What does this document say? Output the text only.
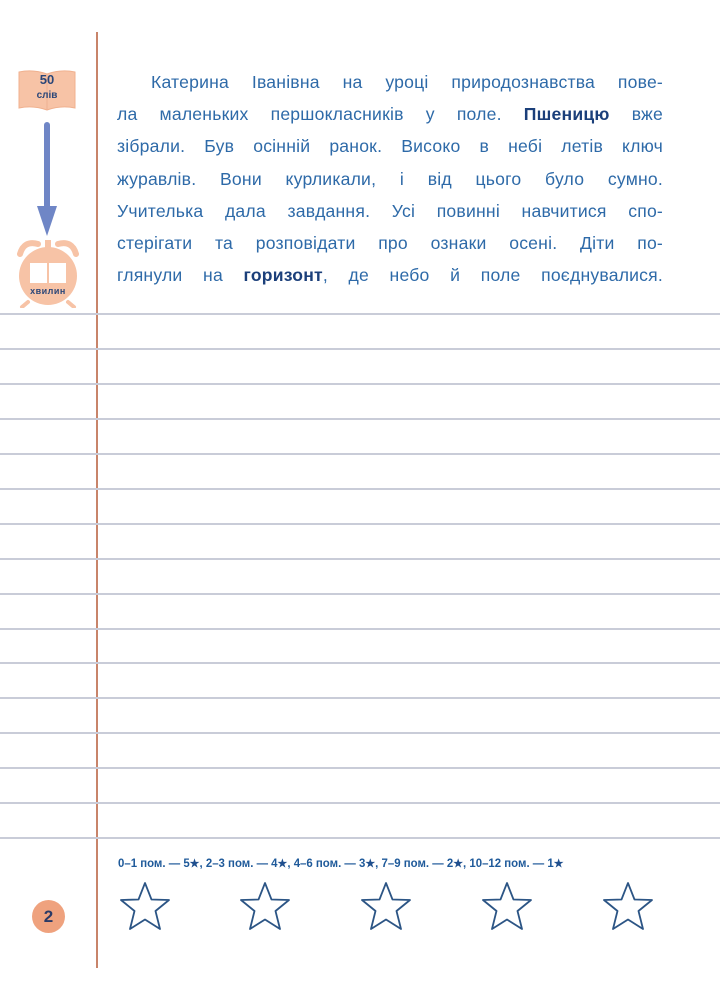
50
слів
хвилин
Катерина Іванівна на уроці природознавства пове-
ла маленьких першокласників у поле. Пшеницю вже
зібрали. Був осінній ранок. Високо в небі летів ключ
журавлів. Вони курликали, і від цього було сумно.
Учителька дала завдання. Усі повинні навчитися спо-
стерігати та розповідати про ознаки осені. Діти по-
глянули на горизонт, де небо й поле поєднувалися.
0–1 пом. — 5★, 2–3 пом. — 4★, 4–6 пом. — 3★, 7–9 пом. — 2★, 10–12 пом. — 1★
2
